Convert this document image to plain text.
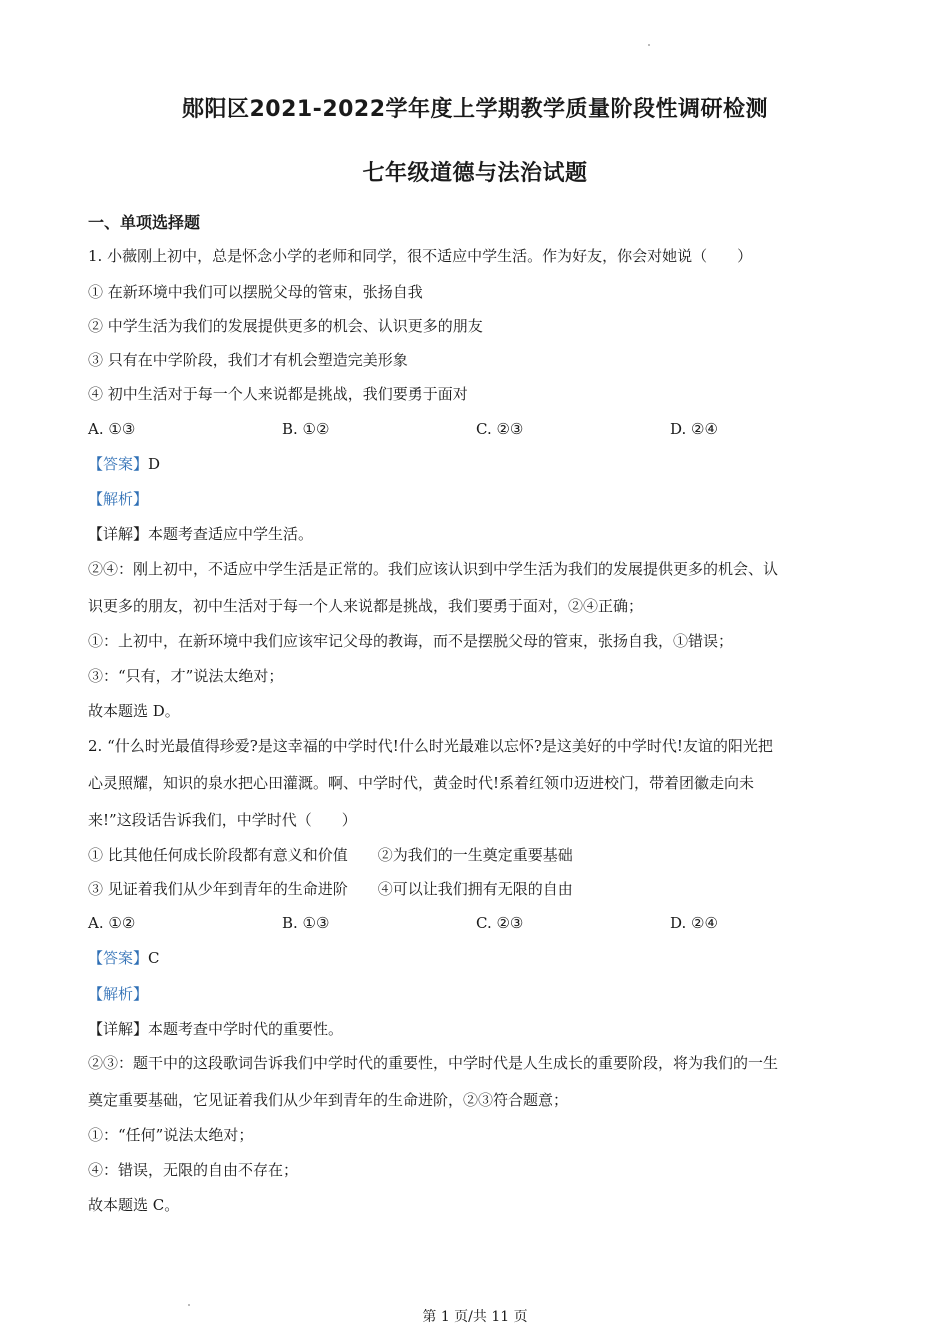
郧阳区2021-2022学年度上学期教学质量阶段性调研检测
七年级道德与法治试题
一、单项选择题
1. 小薇刚上初中，总是怀念小学的老师和同学，很不适应中学生活。作为好友，你会对她说（　　）
① 在新环境中我们可以摆脱父母的管束，张扬自我
② 中学生活为我们的发展提供更多的机会、认识更多的朋友
③ 只有在中学阶段，我们才有机会塑造完美形象
④ 初中生活对于每一个人来说都是挑战，我们要勇于面对
A. ①③	B. ①②	C. ②③	D. ②④
【答案】D
【解析】
【详解】本题考查适应中学生活。
②④：刚上初中，不适应中学生活是正常的。我们应该认识到中学生活为我们的发展提供更多的机会、认
识更多的朋友，初中生活对于每一个人来说都是挑战，我们要勇于面对，②④正确；
①：上初中，在新环境中我们应该牢记父母的教诲，而不是摆脱父母的管束，张扬自我，①错误；
③：“只有，才”说法太绝对；
故本题选 D。
2. “什么时光最值得珍爱?是这幸福的中学时代!什么时光最难以忘怀?是这美好的中学时代!友谊的阳光把
心灵照耀，知识的泉水把心田灌溉。啊、中学时代，黄金时代!系着红领巾迈进校门，带着团徽走向未
来!”这段话告诉我们，中学时代（　　）
① 比其他任何成长阶段都有意义和价值　　②为我们的一生奠定重要基础
③ 见证着我们从少年到青年的生命进阶　　④可以让我们拥有无限的自由
A. ①②	B. ①③	C. ②③	D. ②④
【答案】C
【解析】
【详解】本题考查中学时代的重要性。
②③：题干中的这段歌词告诉我们中学时代的重要性，中学时代是人生成长的重要阶段，将为我们的一生
奠定重要基础，它见证着我们从少年到青年的生命进阶，②③符合题意；
①：“任何”说法太绝对；
④：错误，无限的自由不存在；
故本题选 C。
第 1 页/共 11 页
